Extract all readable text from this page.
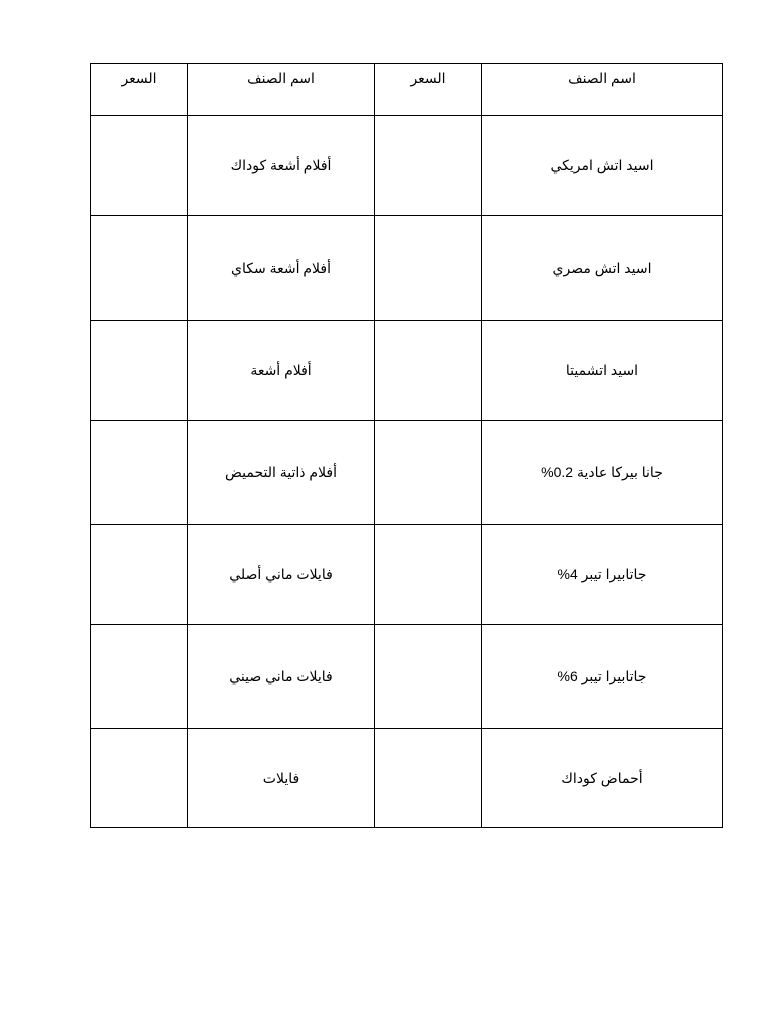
اسم الصنف	السعر	اسم الصنف	السعر
اسيد اتش امريكي		أفلام أشعة كوداك	
اسيد اتش مصري		أفلام أشعة سكاي	
اسيد اتشميتا		أفلام أشعة	
جانا بيركا عادية 0.2%		أفلام ذاتية التحميض	
جاتابيرا تيبر 4%		فايلات ماني أصلي	
جاتابيرا تيبر 6%		فايلات ماني صيني	
أحماض كوداك		فايلات	
